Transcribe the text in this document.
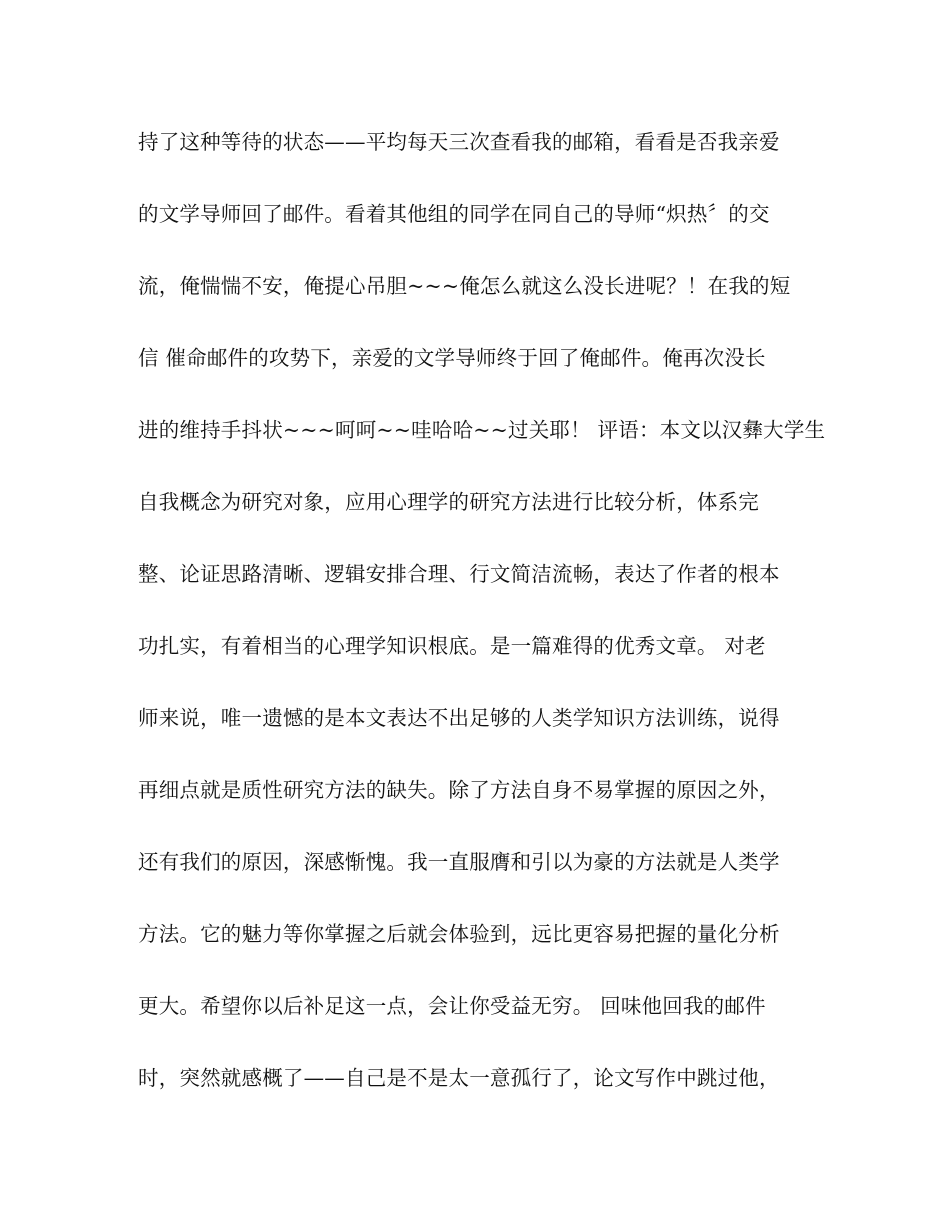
持了这种等待的状态——平均每天三次查看我的邮箱，看看是否我亲爱
的文学导师回了邮件。看着其他组的同学在同自己的导师“炽热〞的交
流，俺惴惴不安，俺提心吊胆~~~俺怎么就这么没长进呢？！在我的短
信 催命邮件的攻势下，亲爱的文学导师终于回了俺邮件。俺再次没长
进的维持手抖状~~~呵呵~~哇哈哈~~过关耶！ 评语：本文以汉彝大学生
自我概念为研究对象，应用心理学的研究方法进行比较分析，体系完
整、论证思路清晰、逻辑安排合理、行文简洁流畅，表达了作者的根本
功扎实，有着相当的心理学知识根底。是一篇难得的优秀文章。 对老
师来说，唯一遗憾的是本文表达不出足够的人类学知识方法训练，说得
再细点就是质性研究方法的缺失。除了方法自身不易掌握的原因之外，
还有我们的原因，深感惭愧。我一直服膺和引以为豪的方法就是人类学
方法。它的魅力等你掌握之后就会体验到，远比更容易把握的量化分析
更大。希望你以后补足这一点，会让你受益无穷。 回味他回我的邮件
时，突然就感概了——自己是不是太一意孤行了，论文写作中跳过他，
